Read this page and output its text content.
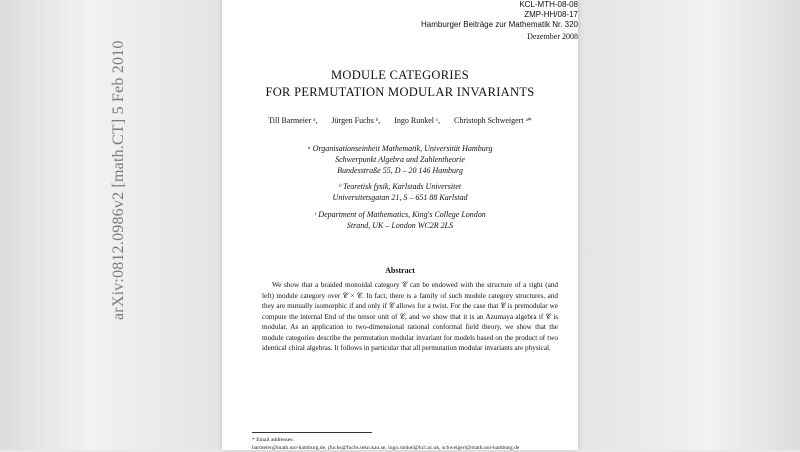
arXiv:0812.0986v2 [math.CT] 5 Feb 2010
KCL-MTH-08-08
ZMP-HH/08-17
Hamburger Beiträge zur Mathematik Nr. 320
Dezember 2008
MODULE CATEGORIES
FOR PERMUTATION MODULAR INVARIANTS
Till Barmeier ᵃ, Jürgen Fuchs ᵇ, Ingo Runkel ᶜ, Christoph Schweigert ᵃ*
ᵃ Organisationseinheit Mathematik, Universität Hamburg
Schwerpunkt Algebra und Zahlentheorie
Bundesstraße 55, D – 20 146 Hamburg
ᵇ Teoretisk fysik, Karlstads Universitet
Universitetsgatan 21, S – 651 88 Karlstad
ᶜ Department of Mathematics, King's College London
Strand, UK – London WC2R 2LS
Abstract
We show that a braided monoidal category 𝒞 can be endowed with the structure of a right (and left) module category over 𝒞 × 𝒞. In fact, there is a family of such module category structures, and they are mutually isomorphic if and only if 𝒞 allows for a twist. For the case that 𝒞 is premodular we compute the internal End of the tensor unit of 𝒞, and we show that it is an Azumaya algebra if 𝒞 is modular. As an application to two-dimensional rational conformal field theory, we show that the module categories describe the permutation modular invariant for models based on the product of two identical chiral algebras. It follows in particular that all permutation modular invariants are physical.
* Email addresses:
barmeier@math.uni-hamburg.de, jfuchs@fuchs.tekn.kau.se, ingo.runkel@kcl.ac.uk, schweigert@math.uni-hamburg.de
